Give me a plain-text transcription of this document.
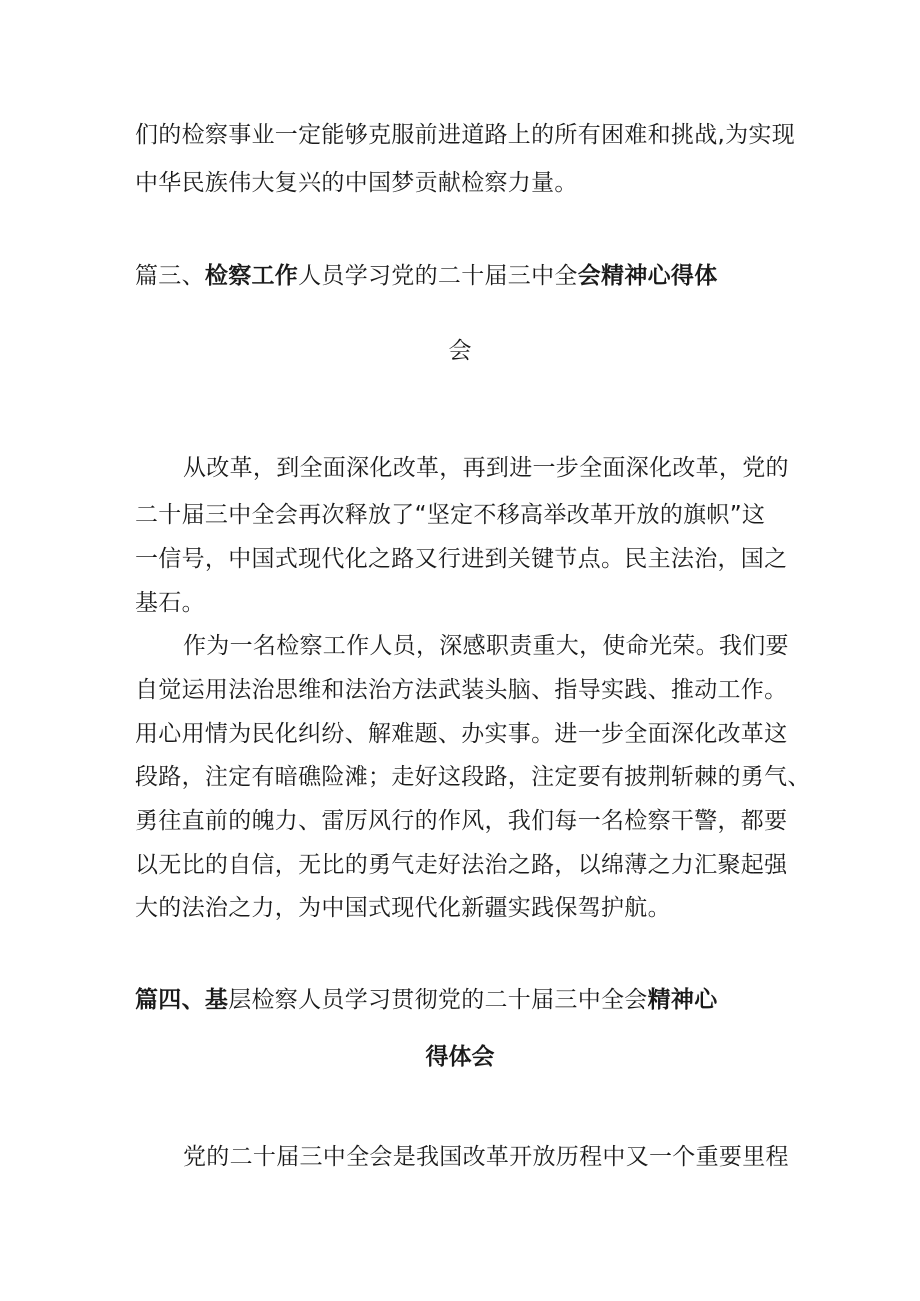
们的检察事业一定能够克服前进道路上的所有困难和挑战,为实现
中华民族伟大复兴的中国梦贡献检察力量。
篇三、检察工作人员学习党的二十届三中全会精神心得体
会
从改革，到全面深化改革，再到进一步全面深化改革，党的
二十届三中全会再次释放了“坚定不移高举改革开放的旗帜”这
一信号，中国式现代化之路又行进到关键节点。民主法治，国之
基石。
作为一名检察工作人员，深感职责重大，使命光荣。我们要
自觉运用法治思维和法治方法武装头脑、指导实践、推动工作。
用心用情为民化纠纷、解难题、办实事。进一步全面深化改革这
段路，注定有暗礁险滩；走好这段路，注定要有披荆斩棘的勇气、
勇往直前的魄力、雷厉风行的作风，我们每一名检察干警，都要
以无比的自信，无比的勇气走好法治之路，以绵薄之力汇聚起强
大的法治之力，为中国式现代化新疆实践保驾护航。
篇四、基层检察人员学习贯彻党的二十届三中全会精神心
得体会
党的二十届三中全会是我国改革开放历程中又一个重要里程
